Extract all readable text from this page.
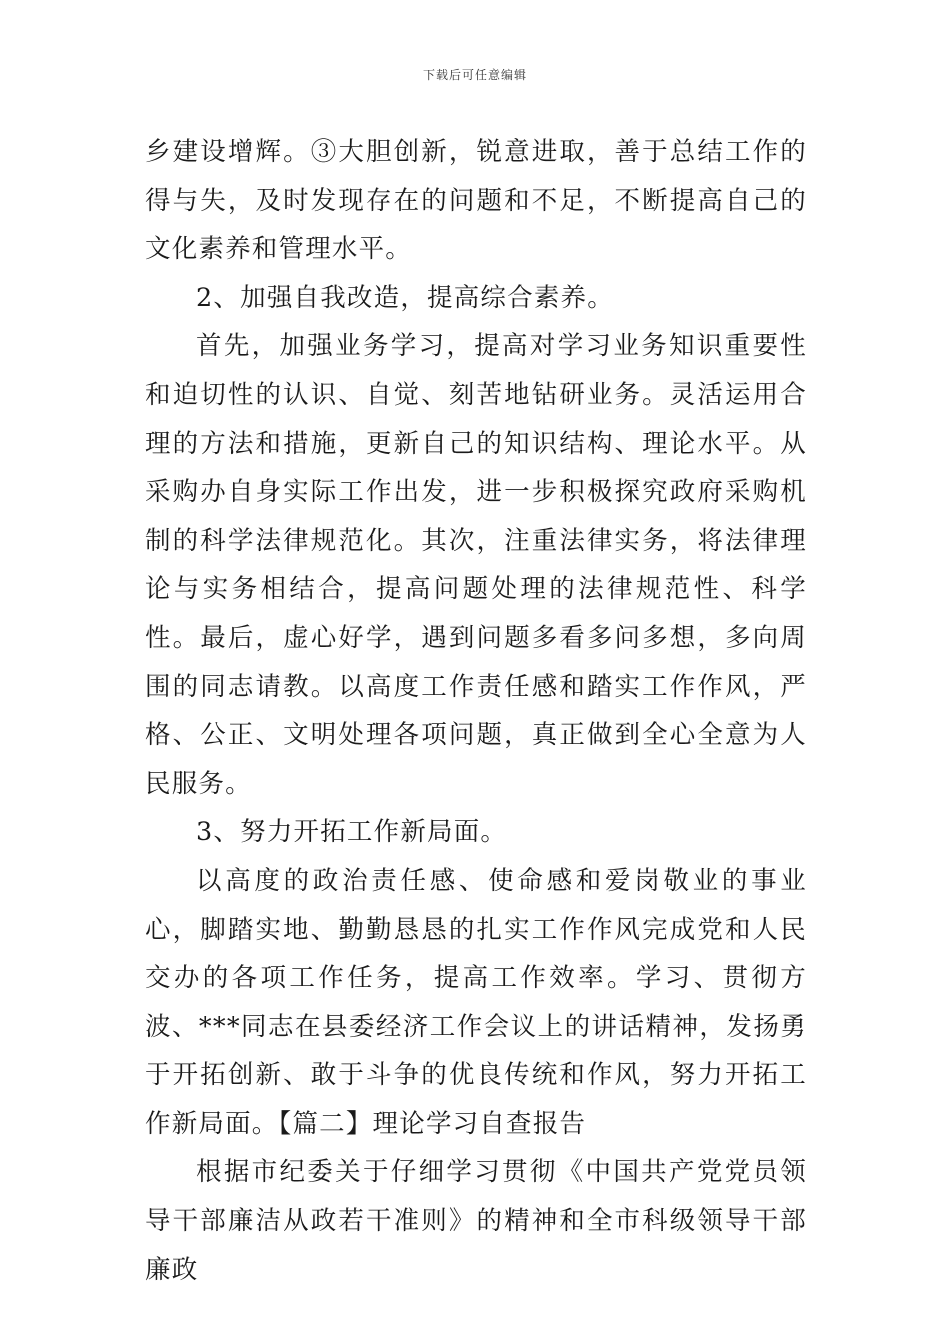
下载后可任意编辑

乡建设增辉。③大胆创新，锐意进取，善于总结工作的得与失，及时发现存在的问题和不足，不断提高自己的文化素养和管理水平。

2、加强自我改造，提高综合素养。

首先，加强业务学习，提高对学习业务知识重要性和迫切性的认识、自觉、刻苦地钻研业务。灵活运用合理的方法和措施，更新自己的知识结构、理论水平。从采购办自身实际工作出发，进一步积极探究政府采购机制的科学法律规范化。其次，注重法律实务，将法律理论与实务相结合，提高问题处理的法律规范性、科学性。最后，虚心好学，遇到问题多看多问多想，多向周围的同志请教。以高度工作责任感和踏实工作作风，严格、公正、文明处理各项问题，真正做到全心全意为人民服务。

3、努力开拓工作新局面。

以高度的政治责任感、使命感和爱岗敬业的事业心，脚踏实地、勤勤恳恳的扎实工作作风完成党和人民交办的各项工作任务，提高工作效率。学习、贯彻方波、***同志在县委经济工作会议上的讲话精神，发扬勇于开拓创新、敢于斗争的优良传统和作风，努力开拓工作新局面。【篇二】理论学习自查报告

根据市纪委关于仔细学习贯彻《中国共产党党员领导干部廉洁从政若干准则》的精神和全市科级领导干部廉政
